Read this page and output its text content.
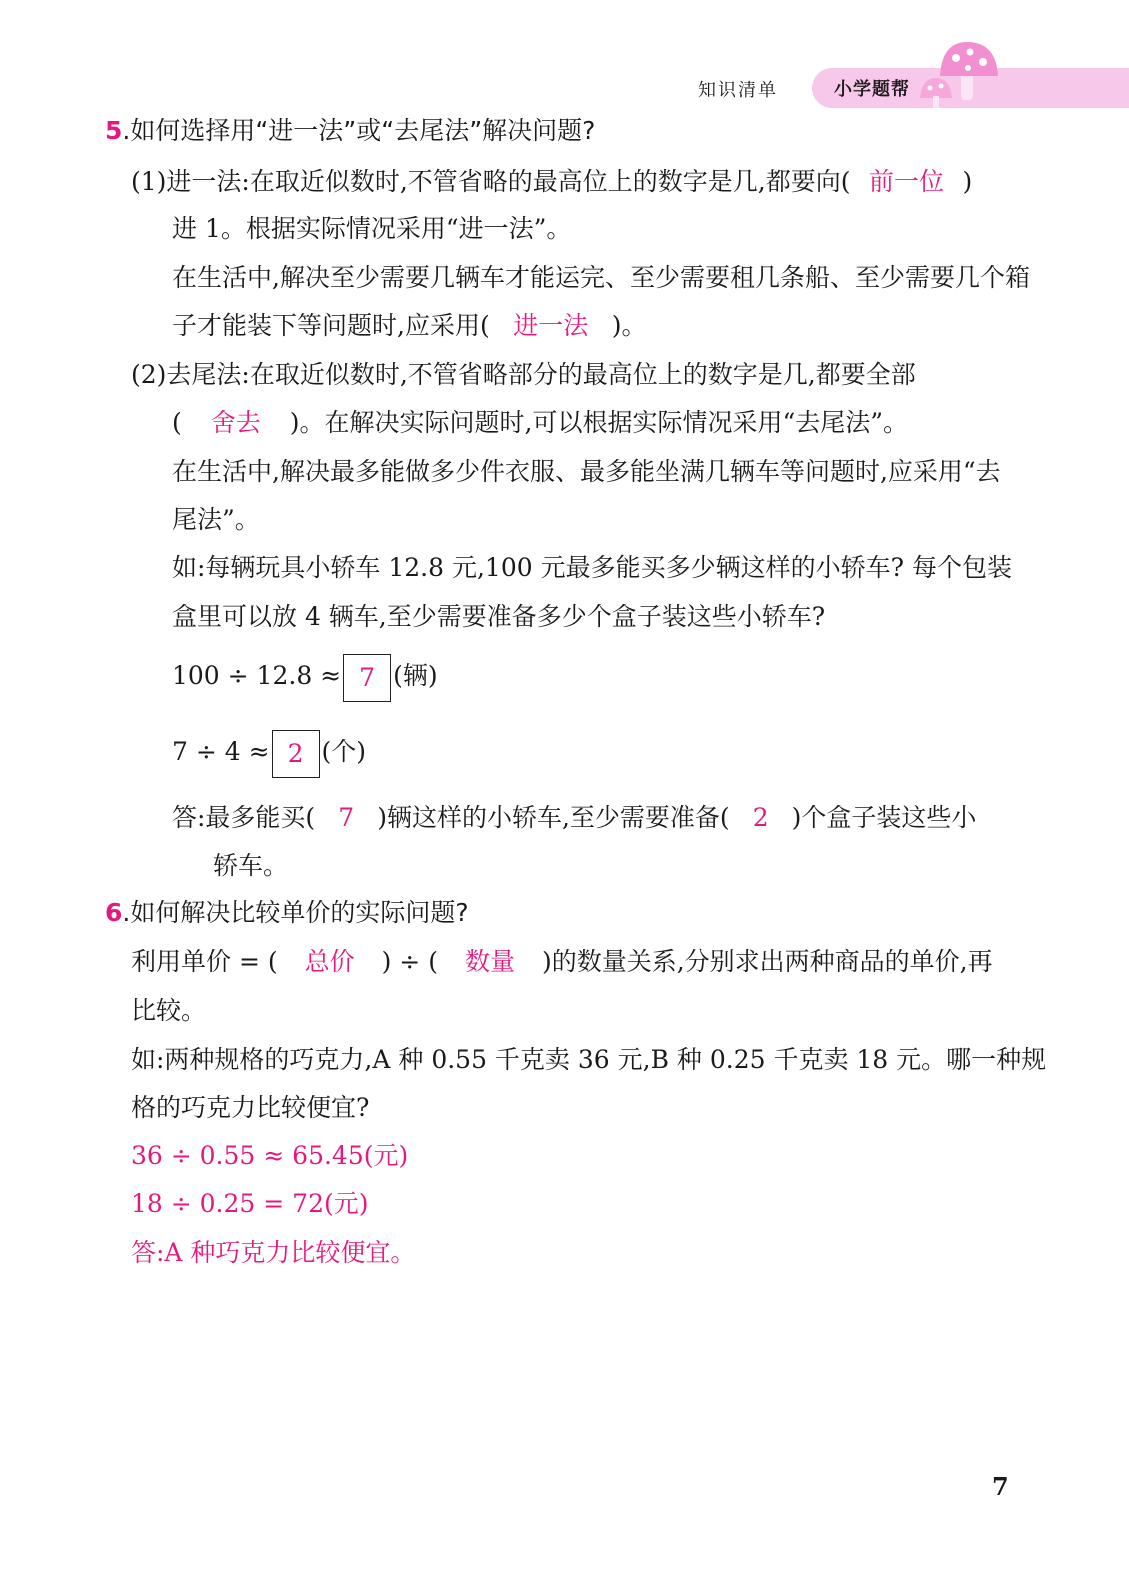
知识清单	小学题帮
5.如何选择用“进一法”或“去尾法”解决问题?
(1)进一法:在取近似数时,不管省略的最高位上的数字是几,都要向( 前一位 )
进 1。根据实际情况采用“进一法”。
在生活中,解决至少需要几辆车才能运完、至少需要租几条船、至少需要几个箱
子才能装下等问题时,应采用( 进一法 )。
(2)去尾法:在取近似数时,不管省略部分的最高位上的数字是几,都要全部
( 舍去 )。在解决实际问题时,可以根据实际情况采用“去尾法”。
在生活中,解决最多能做多少件衣服、最多能坐满几辆车等问题时,应采用“去
尾法”。
如:每辆玩具小轿车 12.8 元,100 元最多能买多少辆这样的小轿车? 每个包装
盒里可以放 4 辆车,至少需要准备多少个盒子装这些小轿车?
100 ÷ 12.8 ≈ 7 (辆)
7 ÷ 4 ≈ 2 (个)
答:最多能买( 7 )辆这样的小轿车,至少需要准备( 2 )个盒子装这些小
轿车。
6.如何解决比较单价的实际问题?
利用单价 = ( 总价 ) ÷ ( 数量 )的数量关系,分别求出两种商品的单价,再
比较。
如:两种规格的巧克力,A 种 0.55 千克卖 36 元,B 种 0.25 千克卖 18 元。哪一种规
格的巧克力比较便宜?
36 ÷ 0.55 ≈ 65.45(元)
18 ÷ 0.25 = 72(元)
答:A 种巧克力比较便宜。
7
